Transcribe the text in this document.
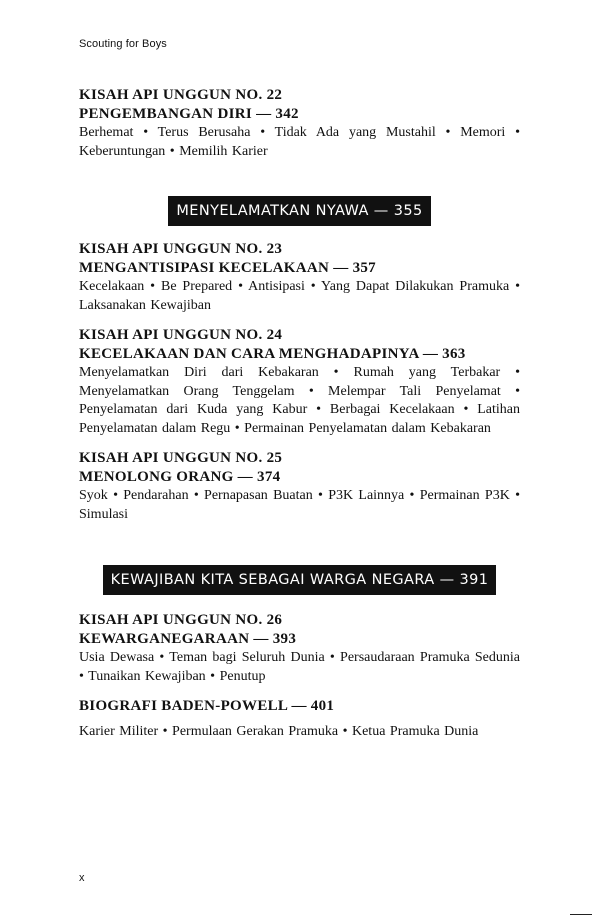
Scouting for Boys

KISAH API UNGGUN NO. 22

PENGEMBANGAN DIRI — 342

Berhemat • Terus Berusaha • Tidak Ada yang Mustahil • Memori • Keberuntungan • Memilih Karier

MENYELAMATKAN NYAWA — 355

KISAH API UNGGUN NO. 23

MENGANTISIPASI KECELAKAAN — 357

Kecelakaan • Be Prepared • Antisipasi • Yang Dapat Dilakukan Pramuka • Laksanakan Kewajiban

KISAH API UNGGUN NO. 24

KECELAKAAN DAN CARA MENGHADAPINYA — 363

Menyelamatkan Diri dari Kebakaran • Rumah yang Terbakar • Menyelamatkan Orang Tenggelam • Melempar Tali Penyelamat • Penyelamatan dari Kuda yang Kabur • Berbagai Kecelakaan • Latihan Penyelamatan dalam Regu • Permainan Penyelamatan dalam Kebakaran

KISAH API UNGGUN NO. 25

MENOLONG ORANG — 374

Syok • Pendarahan • Pernapasan Buatan • P3K Lainnya • Permainan P3K • Simulasi

KEWAJIBAN KITA SEBAGAI WARGA NEGARA — 391

KISAH API UNGGUN NO. 26

KEWARGANEGARAAN — 393

Usia Dewasa • Teman bagi Seluruh Dunia • Persaudaraan Pramuka Sedunia • Tunaikan Kewajiban • Penutup

BIOGRAFI BADEN-POWELL — 401

Karier Militer • Permulaan Gerakan Pramuka • Ketua Pramuka Dunia

x
